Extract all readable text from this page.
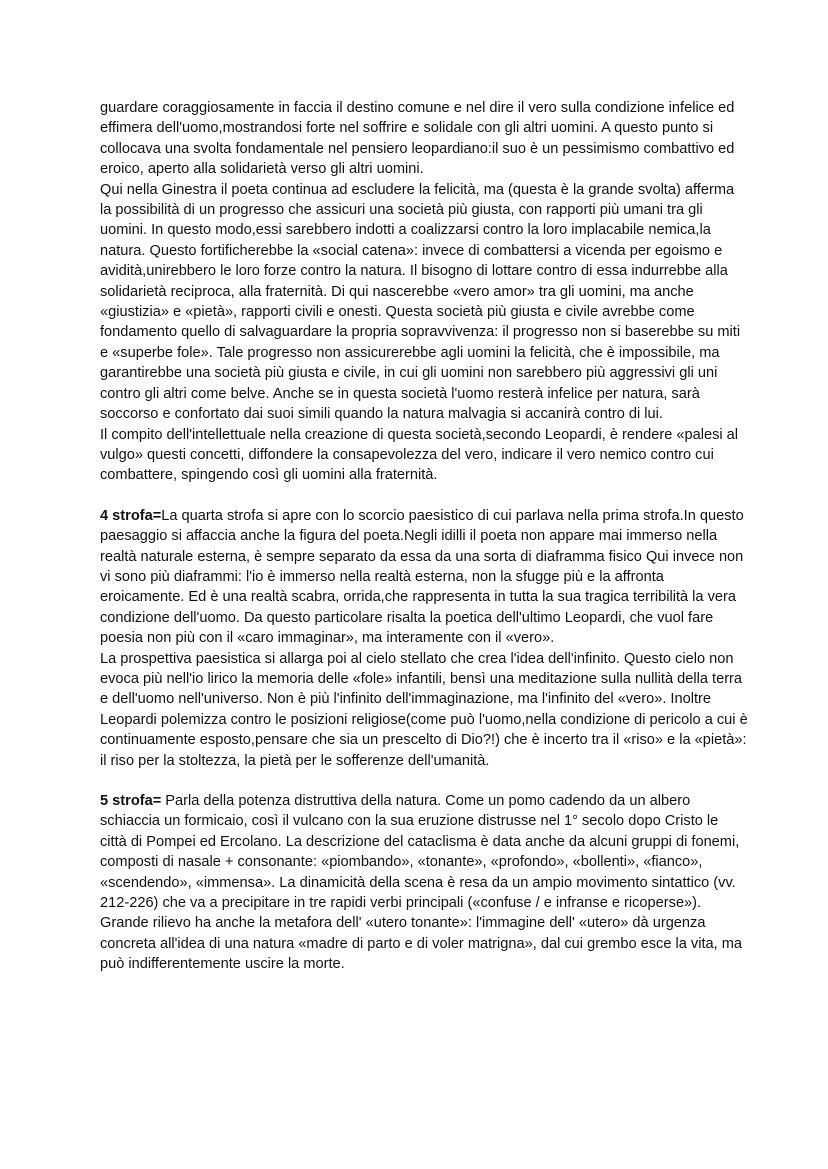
guardare coraggiosamente in faccia il destino comune e nel dire il vero sulla condizione infelice ed effimera dell'uomo,mostrandosi forte nel soffrire e solidale con gli altri uomini. A questo punto si collocava una svolta fondamentale nel pensiero leopardiano:il suo è un pessimismo combattivo ed eroico, aperto alla solidarietà verso gli altri uomini.

Qui nella Ginestra il poeta continua ad escludere la felicità, ma (questa è la grande svolta) afferma la possibilità di un progresso che assicuri una società più giusta, con rapporti più umani tra gli uomini. In questo modo,essi sarebbero indotti a coalizzarsi contro la loro implacabile nemica,la natura. Questo fortificherebbe la «social catena»: invece di combattersi a vicenda per egoismo e avidità,unirebbero le loro forze contro la natura. Il bisogno di lottare contro di essa indurrebbe alla solidarietà reciproca, alla fraternità. Di qui nascerebbe «vero amor» tra gli uomini, ma anche «giustizia» e «pietà», rapporti civili e onesti. Questa società più giusta e civile avrebbe come fondamento quello di salvaguardare la propria sopravvivenza: il progresso non si baserebbe su miti e «superbe fole». Tale progresso non assicurerebbe agli uomini la felicità, che è impossibile, ma garantirebbe una società più giusta e civile, in cui gli uomini non sarebbero più aggressivi gli uni contro gli altri come belve. Anche se in questa società l'uomo resterà infelice per natura, sarà soccorso e confortato dai suoi simili quando la natura malvagia si accanirà contro di lui.

Il compito dell'intellettuale nella creazione di questa società,secondo Leopardi, è rendere «palesi al vulgo» questi concetti, diffondere la consapevolezza del vero, indicare il vero nemico contro cui combattere, spingendo così gli uomini alla fraternità.

4 strofa=La quarta strofa si apre con lo scorcio paesistico di cui parlava nella prima strofa.In questo paesaggio si affaccia anche la figura del poeta.Negli idilli il poeta non appare mai immerso nella realtà naturale esterna, è sempre separato da essa da una sorta di diaframma fisico Qui invece non vi sono più diaframmi: l'io è immerso nella realtà esterna, non la sfugge più e la affronta eroicamente. Ed è una realtà scabra, orrida,che rappresenta in tutta la sua tragica terribilità la vera condizione dell'uomo. Da questo particolare risalta la poetica dell'ultimo Leopardi, che vuol fare poesia non più con il «caro immaginar», ma interamente con il «vero».

La prospettiva paesistica si allarga poi al cielo stellato che crea l'idea dell'infinito. Questo cielo non evoca più nell'io lirico la memoria delle «fole» infantili, bensì una meditazione sulla nullità della terra e dell'uomo nell'universo. Non è più l'infinito dell'immaginazione, ma l'infinito del «vero». Inoltre Leopardi polemizza contro le posizioni religiose(come può l'uomo,nella condizione di pericolo a cui è continuamente esposto,pensare che sia un prescelto di Dio?!) che è incerto tra il «riso» e la «pietà»: il riso per la stoltezza, la pietà per le sofferenze dell'umanità.

5 strofa= Parla della potenza distruttiva della natura. Come un pomo cadendo da un albero schiaccia un formicaio, così il vulcano con la sua eruzione distrusse nel 1° secolo dopo Cristo le città di Pompei ed Ercolano. La descrizione del cataclisma è data anche da alcuni gruppi di fonemi, composti di nasale + consonante: «piombando», «tonante», «profondo», «bollenti», «fianco», «scendendo», «immensa». La dinamicità della scena è resa da un ampio movimento sintattico (vv. 212-226) che va a precipitare in tre rapidi verbi principali («confuse / e infranse e ricoperse»). Grande rilievo ha anche la metafora dell' «utero tonante»: l'immagine dell' «utero» dà urgenza concreta all'idea di una natura «madre di parto e di voler matrigna», dal cui grembo esce la vita, ma può indifferentemente uscire la morte.
